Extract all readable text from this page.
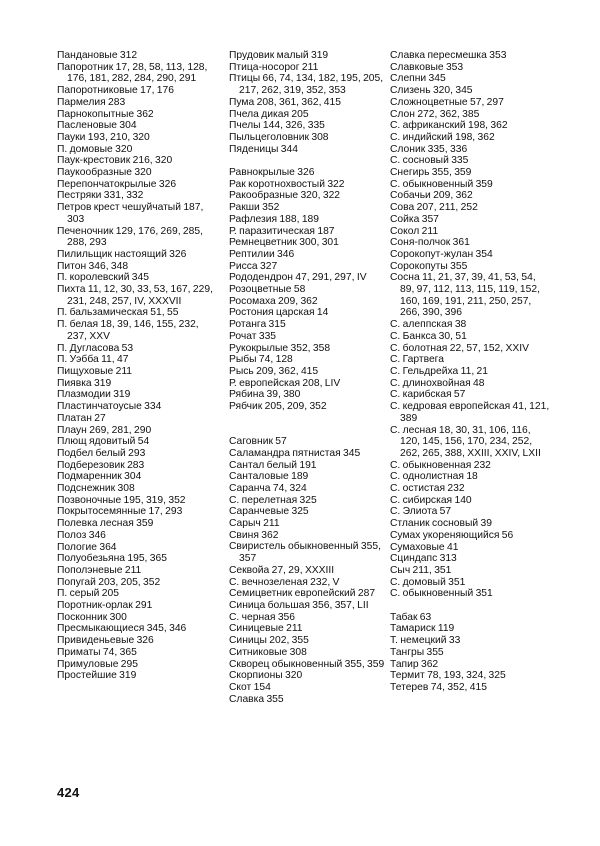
Пандановые 312
Папоротник 17, 28, 58, 113, 128, 176, 181, 282, 284, 290, 291
Папоротниковые 17, 176
Пармелия 283
Парнокопытные 362
Пасленовые 304
Пауки 193, 210, 320
П. домовые 320
Паук-крестовик 216, 320
Паукообразные 320
Перепончатокрылые 326
Пестряки 331, 332
Петров крест чешуйчатый 187, 303
Печеночник 129, 176, 269, 285, 288, 293
Пилильщик настоящий 326
Питон 346, 348
П. королевский 345
Пихта 11, 12, 30, 33, 53, 167, 229, 231, 248, 257, IV, XXXVII
П. бальзамическая 51, 55
П. белая 18, 39, 146, 155, 232, 237, XXV
П. Дугласова 53
П. Уэбба 11, 47
Пищуховые 211
Пиявка 319
Плазмодии 319
Пластинчатоусые 334
Платан 27
Плаун 269, 281, 290
Плющ ядовитый 54
Подбел белый 293
Подберезовик 283
Подмаренник 304
Подснежник 308
Позвоночные 195, 319, 352
Покрытосемянные 17, 293
Полевка лесная 359
Полоз 346
Пологие 364
Полуобезьяна 195, 365
Пополэневые 211
Попугай 203, 205, 352
П. серый 205
Поротник-орлак 291
Посконник 300
Пресмыкающиеся 345, 346
Привиденьевые 326
Приматы 74, 365
Примуловые 295
Простейшие 319
Прудовик малый 319
Птица-носорог 211
Птицы 66, 74, 134, 182, 195, 205, 217, 262, 319, 352, 353
Пума 208, 361, 362, 415
Пчела дикая 205
Пчелы 144, 326, 335
Пыльцеголовник 308
Пяденицы 344
Равнокрылые 326
Рак коротнохвостый 322
Ракообразные 320, 322
Ракши 352
Рафлезия 188, 189
Р. паразитическая 187
Ремнецветник 300, 301
Рептилии 346
Рисса 327
Рододендрон 47, 291, 297, IV
Розоцветные 58
Росомаха 209, 362
Ростония царская 14
Ротанга 315
Рочат 335
Рукокрылые 352, 358
Рыбы 74, 128
Рысь 209, 362, 415
Р. европейская 208, LIV
Рябина 39, 380
Рябчик 205, 209, 352
Саговник 57
Саламандра пятнистая 345
Сантал белый 191
Санталовые 189
Саранча 74, 324
С. перелетная 325
Саранчевые 325
Сарыч 211
Свиня 362
Свиристель обыкновенный 355, 357
Секвойа 27, 29, XXXIII
С. вечнозеленая 232, V
Семицветник европейский 287
Синица большая 356, 357, LII
С. черная 356
Синицевые 211
Синицы 202, 355
Ситниковые 308
Скворец обыкновенный 355, 359
Скорпионы 320
Скот 154
Славка 355
Славка пересмешка 353
Славковые 353
Слепни 345
Слизень 320, 345
Сложноцветные 57, 297
Слон 272, 362, 385
С. африканский 198, 362
С. индийский 198, 362
Слоник 335, 336
С. сосновый 335
Снегирь 355, 359
С. обыкновенный 359
Собачьи 209, 362
Сова 207, 211, 252
Сойка 357
Сокол 211
Соня-полчок 361
Сорокопут-жулан 354
Сорокопуты 355
Сосна 11, 21, 37, 39, 41, 53, 54, 89, 97, 112, 113, 115, 119, 152, 160, 169, 191, 211, 250, 257, 266, 390, 396
С. алеппская 38
С. Банкса 30, 51
С. болотная 22, 57, 152, XXIV
С. Гартвега
С. Гельдрейха 11, 21
С. длинохвойная 48
С. карибская 57
С. кедровая европейская 41, 121, 389
С. лесная 18, 30, 31, 106, 116, 120, 145, 156, 170, 234, 252, 262, 265, 388, XXIII, XXIV, LXII
С. обыкновенная 232
С. однолистная 18
С. остистая 232
С. сибирская 140
С. Элиота 57
Стланик сосновый 39
Сумах укореняющийся 56
Сумаховые 41
Сциндапс 313
Сыч 211, 351
С. домовый 351
С. обыкновенный 351
Табак 63
Тамариск 119
Т. немецкий 33
Тангры 355
Тапир 362
Термит 78, 193, 324, 325
Тетерев 74, 352, 415
424
